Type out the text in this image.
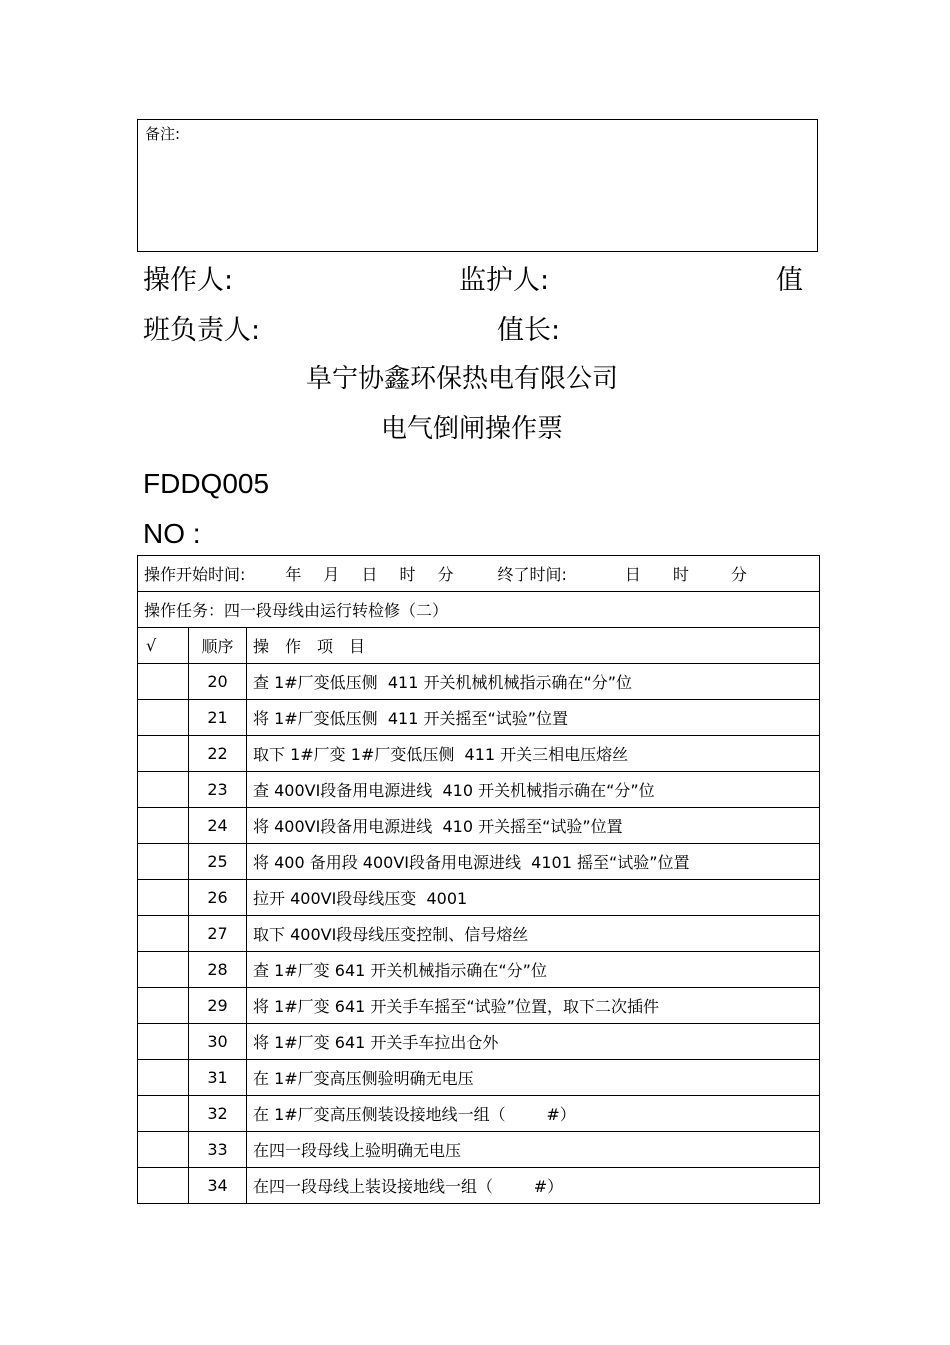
备注:
操作人:	监护人:	值
班负责人:	值长:
阜宁协鑫环保热电有限公司
电气倒闸操作票
FDDQ005
NO :
操作开始时间: 年 月 日 时 分 终了时间: 日 时 分		
操作任务：四一段母线由运行转检修（二）		
√	顺序	操　作　项　目
	20	查 1#厂变低压侧  411 开关机械机械指示确在“分”位
	21	将 1#厂变低压侧  411 开关摇至“试验”位置
	22	取下 1#厂变 1#厂变低压侧  411 开关三相电压熔丝
	23	查 400VⅠ段备用电源进线  410 开关机械指示确在“分”位
	24	将 400VⅠ段备用电源进线  410 开关摇至“试验”位置
	25	将 400 备用段 400VⅠ段备用电源进线  4101 摇至“试验”位置
	26	拉开 400VⅠ段母线压变  4001
	27	取下 400VⅠ段母线压变控制、信号熔丝
	28	查 1#厂变 641 开关机械指示确在“分”位
	29	将 1#厂变 641 开关手车摇至“试验”位置，取下二次插件
	30	将 1#厂变 641 开关手车拉出仓外
	31	在 1#厂变高压侧验明确无电压
	32	在 1#厂变高压侧装设接地线一组（        #）
	33	在四一段母线上验明确无电压
	34	在四一段母线上装设接地线一组（        #）
